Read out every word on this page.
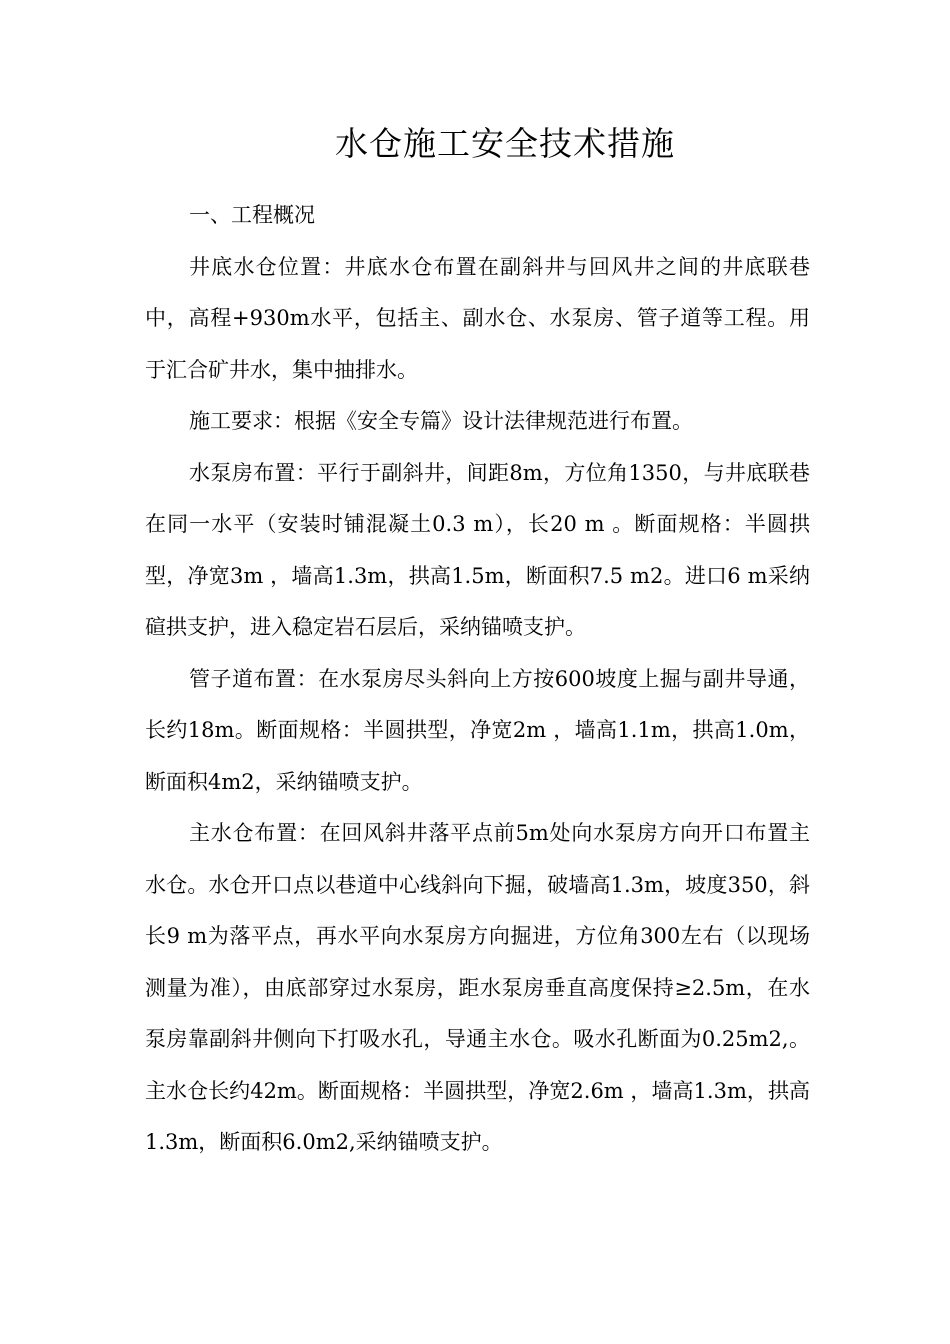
水仓施工安全技术措施

一、工程概况

井底水仓位置：井底水仓布置在副斜井与回风井之间的井底联巷中，高程+930m水平，包括主、副水仓、水泵房、管子道等工程。用于汇合矿井水，集中抽排水。

施工要求：根据《安全专篇》设计法律规范进行布置。

水泵房布置：平行于副斜井，间距8m，方位角1350，与井底联巷在同一水平（安装时铺混凝土0.3 m），长20 m 。断面规格：半圆拱型，净宽3m ，墙高1.3m，拱高1.5m，断面积7.5 m2。进口6 m采纳碹拱支护，进入稳定岩石层后，采纳锚喷支护。

管子道布置：在水泵房尽头斜向上方按600坡度上掘与副井导通，长约18m。断面规格：半圆拱型，净宽2m ，墙高1.1m，拱高1.0m，断面积4m2，采纳锚喷支护。

主水仓布置：在回风斜井落平点前5m处向水泵房方向开口布置主水仓。水仓开口点以巷道中心线斜向下掘，破墙高1.3m，坡度350，斜长9 m为落平点，再水平向水泵房方向掘进，方位角300左右（以现场测量为准），由底部穿过水泵房，距水泵房垂直高度保持≥2.5m，在水泵房靠副斜井侧向下打吸水孔，导通主水仓。吸水孔断面为0.25m2,。主水仓长约42m。断面规格：半圆拱型，净宽2.6m ，墙高1.3m，拱高1.3m，断面积6.0m2,采纳锚喷支护。
